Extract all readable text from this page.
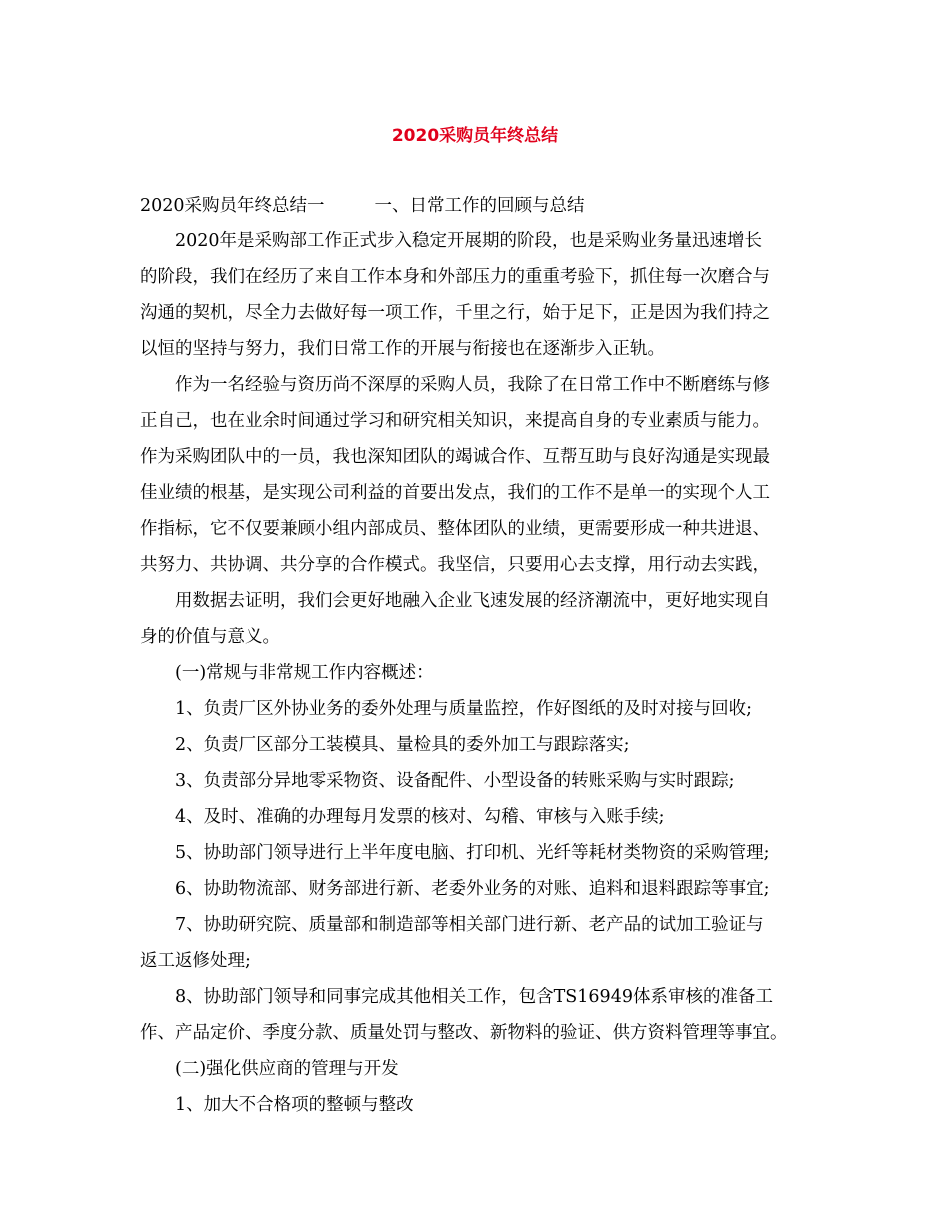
2020采购员年终总结
2020采购员年终总结一	一、日常工作的回顾与总结
2020年是采购部工作正式步入稳定开展期的阶段，也是采购业务量迅速增长
的阶段，我们在经历了来自工作本身和外部压力的重重考验下，抓住每一次磨合与
沟通的契机，尽全力去做好每一项工作，千里之行，始于足下，正是因为我们持之
以恒的坚持与努力，我们日常工作的开展与衔接也在逐渐步入正轨。
作为一名经验与资历尚不深厚的采购人员，我除了在日常工作中不断磨练与修
正自己，也在业余时间通过学习和研究相关知识，来提高自身的专业素质与能力。
作为采购团队中的一员，我也深知团队的竭诚合作、互帮互助与良好沟通是实现最
佳业绩的根基，是实现公司利益的首要出发点，我们的工作不是单一的实现个人工
作指标，它不仅要兼顾小组内部成员、整体团队的业绩，更需要形成一种共进退、
共努力、共协调、共分享的合作模式。我坚信，只要用心去支撑，用行动去实践，
用数据去证明，我们会更好地融入企业飞速发展的经济潮流中，更好地实现自
身的价值与意义。
(一)常规与非常规工作内容概述：
1、负责厂区外协业务的委外处理与质量监控，作好图纸的及时对接与回收;
2、负责厂区部分工装模具、量检具的委外加工与跟踪落实;
3、负责部分异地零采物资、设备配件、小型设备的转账采购与实时跟踪;
4、及时、准确的办理每月发票的核对、勾稽、审核与入账手续;
5、协助部门领导进行上半年度电脑、打印机、光纤等耗材类物资的采购管理;
6、协助物流部、财务部进行新、老委外业务的对账、追料和退料跟踪等事宜;
7、协助研究院、质量部和制造部等相关部门进行新、老产品的试加工验证与
返工返修处理;
8、协助部门领导和同事完成其他相关工作，包含TS16949体系审核的准备工
作、产品定价、季度分款、质量处罚与整改、新物料的验证、供方资料管理等事宜。
(二)强化供应商的管理与开发
1、加大不合格项的整顿与整改
